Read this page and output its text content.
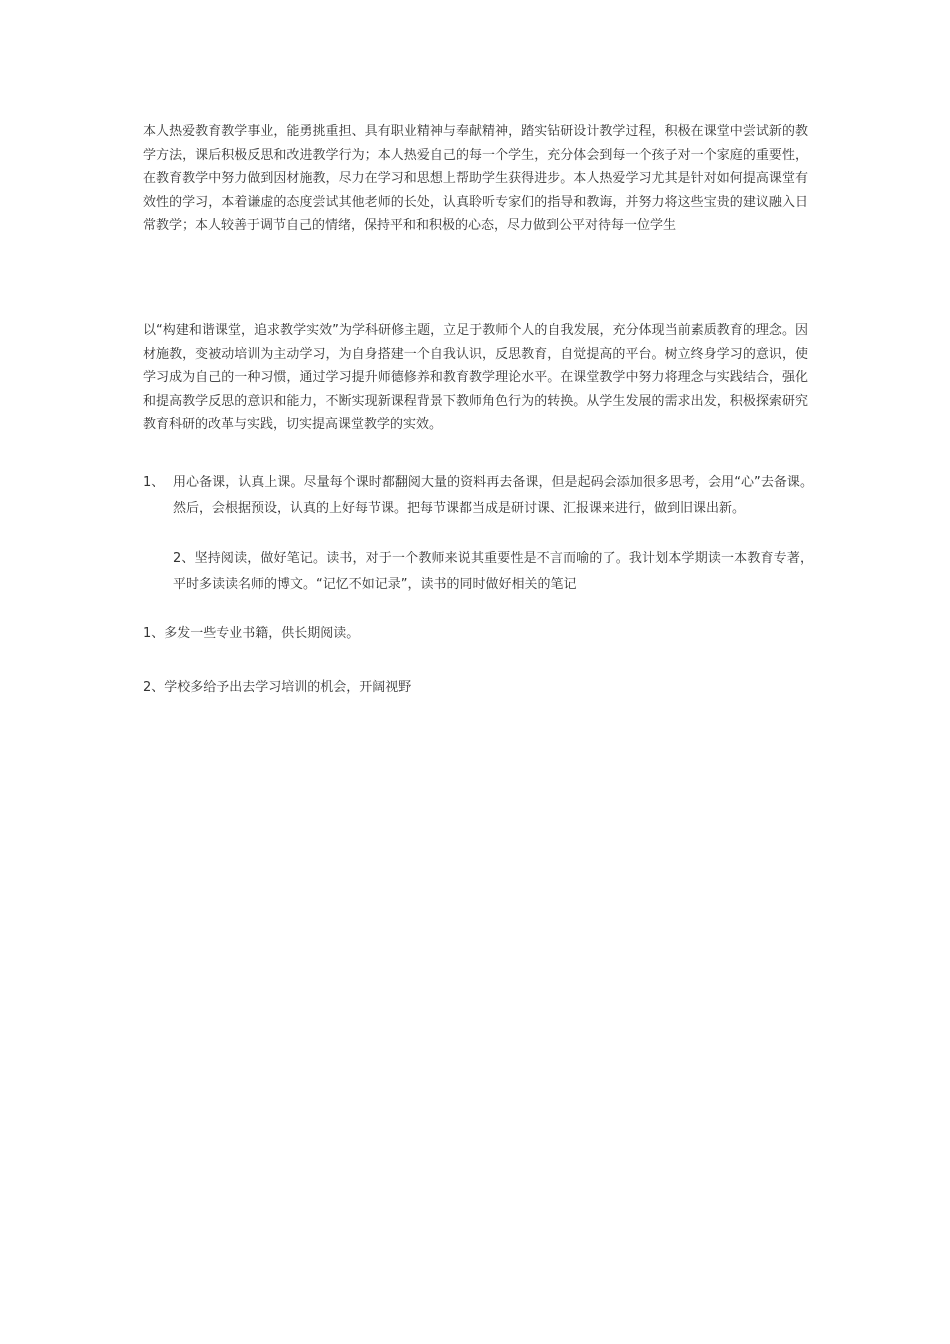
本人热爱教育教学事业，能勇挑重担、具有职业精神与奉献精神，踏实钻研设计教学过程，积极在课堂中尝试新的教学方法，课后积极反思和改进教学行为；本人热爱自己的每一个学生，充分体会到每一个孩子对一个家庭的重要性，在教育教学中努力做到因材施教，尽力在学习和思想上帮助学生获得进步。本人热爱学习尤其是针对如何提高课堂有效性的学习，本着谦虚的态度尝试其他老师的长处，认真聆听专家们的指导和教诲，并努力将这些宝贵的建议融入日常教学；本人较善于调节自己的情绪，保持平和和积极的心态，尽力做到公平对待每一位学生

以“构建和谐课堂，追求教学实效”为学科研修主题，立足于教师个人的自我发展，充分体现当前素质教育的理念。因材施教，变被动培训为主动学习，为自身搭建一个自我认识，反思教育，自觉提高的平台。树立终身学习的意识，使学习成为自己的一种习惯，通过学习提升师德修养和教育教学理论水平。在课堂教学中努力将理念与实践结合，强化和提高教学反思的意识和能力，不断实现新课程背景下教师角色行为的转换。从学生发展的需求出发，积极探索研究教育科研的改革与实践，切实提高课堂教学的实效。

1、 用心备课，认真上课。尽量每个课时都翻阅大量的资料再去备课，但是起码会添加很多思考，会用“心”去备课。然后，会根据预设，认真的上好每节课。把每节课都当成是研讨课、汇报课来进行，做到旧课出新。

2、坚持阅读，做好笔记。读书，对于一个教师来说其重要性是不言而喻的了。我计划本学期读一本教育专著，平时多读读名师的博文。“记忆不如记录”，读书的同时做好相关的笔记

1、多发一些专业书籍，供长期阅读。

2、学校多给予出去学习培训的机会，开阔视野
